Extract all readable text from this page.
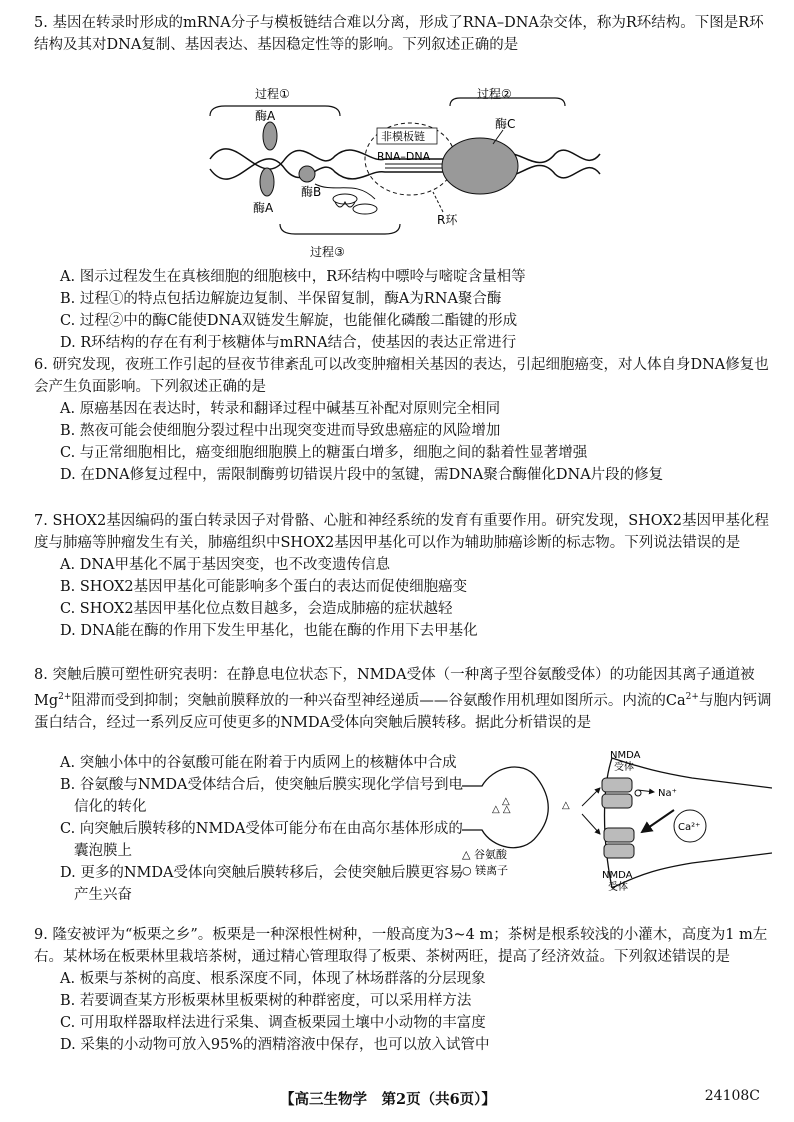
5. 基因在转录时形成的mRNA分子与模板链结合难以分离，形成了RNA–DNA杂交体，称为R环结构。下图是R环结构及其对DNA复制、基因表达、基因稳定性等的影响。下列叙述正确的是

过程①	过程②
过程③
非模板链
RNA–DNA
酶C
酶A
酶A
酶B
R环

A. 图示过程发生在真核细胞的细胞核中，R环结构中嘌呤与嘧啶含量相等

B. 过程①的特点包括边解旋边复制、半保留复制，酶A为RNA聚合酶

C. 过程②中的酶C能使DNA双链发生解旋，也能催化磷酸二酯键的形成

D. R环结构的存在有利于核糖体与mRNA结合，使基因的表达正常进行

6. 研究发现，夜班工作引起的昼夜节律紊乱可以改变肿瘤相关基因的表达，引起细胞癌变，对人体自身DNA修复也会产生负面影响。下列叙述正确的是

A. 原癌基因在表达时，转录和翻译过程中碱基互补配对原则完全相同

B. 熬夜可能会使细胞分裂过程中出现突变进而导致患癌症的风险增加

C. 与正常细胞相比，癌变细胞细胞膜上的糖蛋白增多，细胞之间的黏着性显著增强

D. 在DNA修复过程中，需限制酶剪切错误片段中的氢键，需DNA聚合酶催化DNA片段的修复

7. SHOX2基因编码的蛋白转录因子对骨骼、心脏和神经系统的发育有重要作用。研究发现，SHOX2基因甲基化程度与肺癌等肿瘤发生有关，肺癌组织中SHOX2基因甲基化可以作为辅助肺癌诊断的标志物。下列说法错误的是

A. DNA甲基化不属于基因突变，也不改变遗传信息

B. SHOX2基因甲基化可能影响多个蛋白的表达而促使细胞癌变

C. SHOX2基因甲基化位点数目越多，会造成肺癌的症状越轻

D. DNA能在酶的作用下发生甲基化，也能在酶的作用下去甲基化

8. 突触后膜可塑性研究表明：在静息电位状态下，NMDA受体（一种离子型谷氨酸受体）的功能因其离子通道被$Mg^{2+}$阻滞而受到抑制；突触前膜释放的一种兴奋型神经递质——谷氨酸作用机理如图所示。内流的$Ca^{2+}$与胞内钙调蛋白结合，经过一系列反应可使更多的NMDA受体向突触后膜转移。据此分析错误的是

A. 突触小体中的谷氨酸可能在附着于内质网上的核糖体中合成

B. 谷氨酸与NMDA受体结合后，使突触后膜实现化学信号到电信化的转化

C. 向突触后膜转移的NMDA受体可能分布在由高尔基体形成的囊泡膜上

D. 更多的NMDA受体向突触后膜转移后，会使突触后膜更容易产生兴奋

△ △
△	△
NMDA
受体
NMDA
受体
Na⁺
Ca²⁺
△ 谷氨酸
○ 镁离子

9. 隆安被评为“板栗之乡”。板栗是一种深根性树种，一般高度为3~4 m；茶树是根系较浅的小灌木，高度为1 m左右。某林场在板栗林里栽培茶树，通过精心管理取得了板栗、茶树两旺，提高了经济效益。下列叙述错误的是

A. 板栗与茶树的高度、根系深度不同，体现了林场群落的分层现象

B. 若要调查某方形板栗林里板栗树的种群密度，可以采用样方法

C. 可用取样器取样法进行采集、调查板栗园土壤中小动物的丰富度

D. 采集的小动物可放入95%的酒精溶液中保存，也可以放入试管中

【高三生物学　第2页（共6页）】	24108C
